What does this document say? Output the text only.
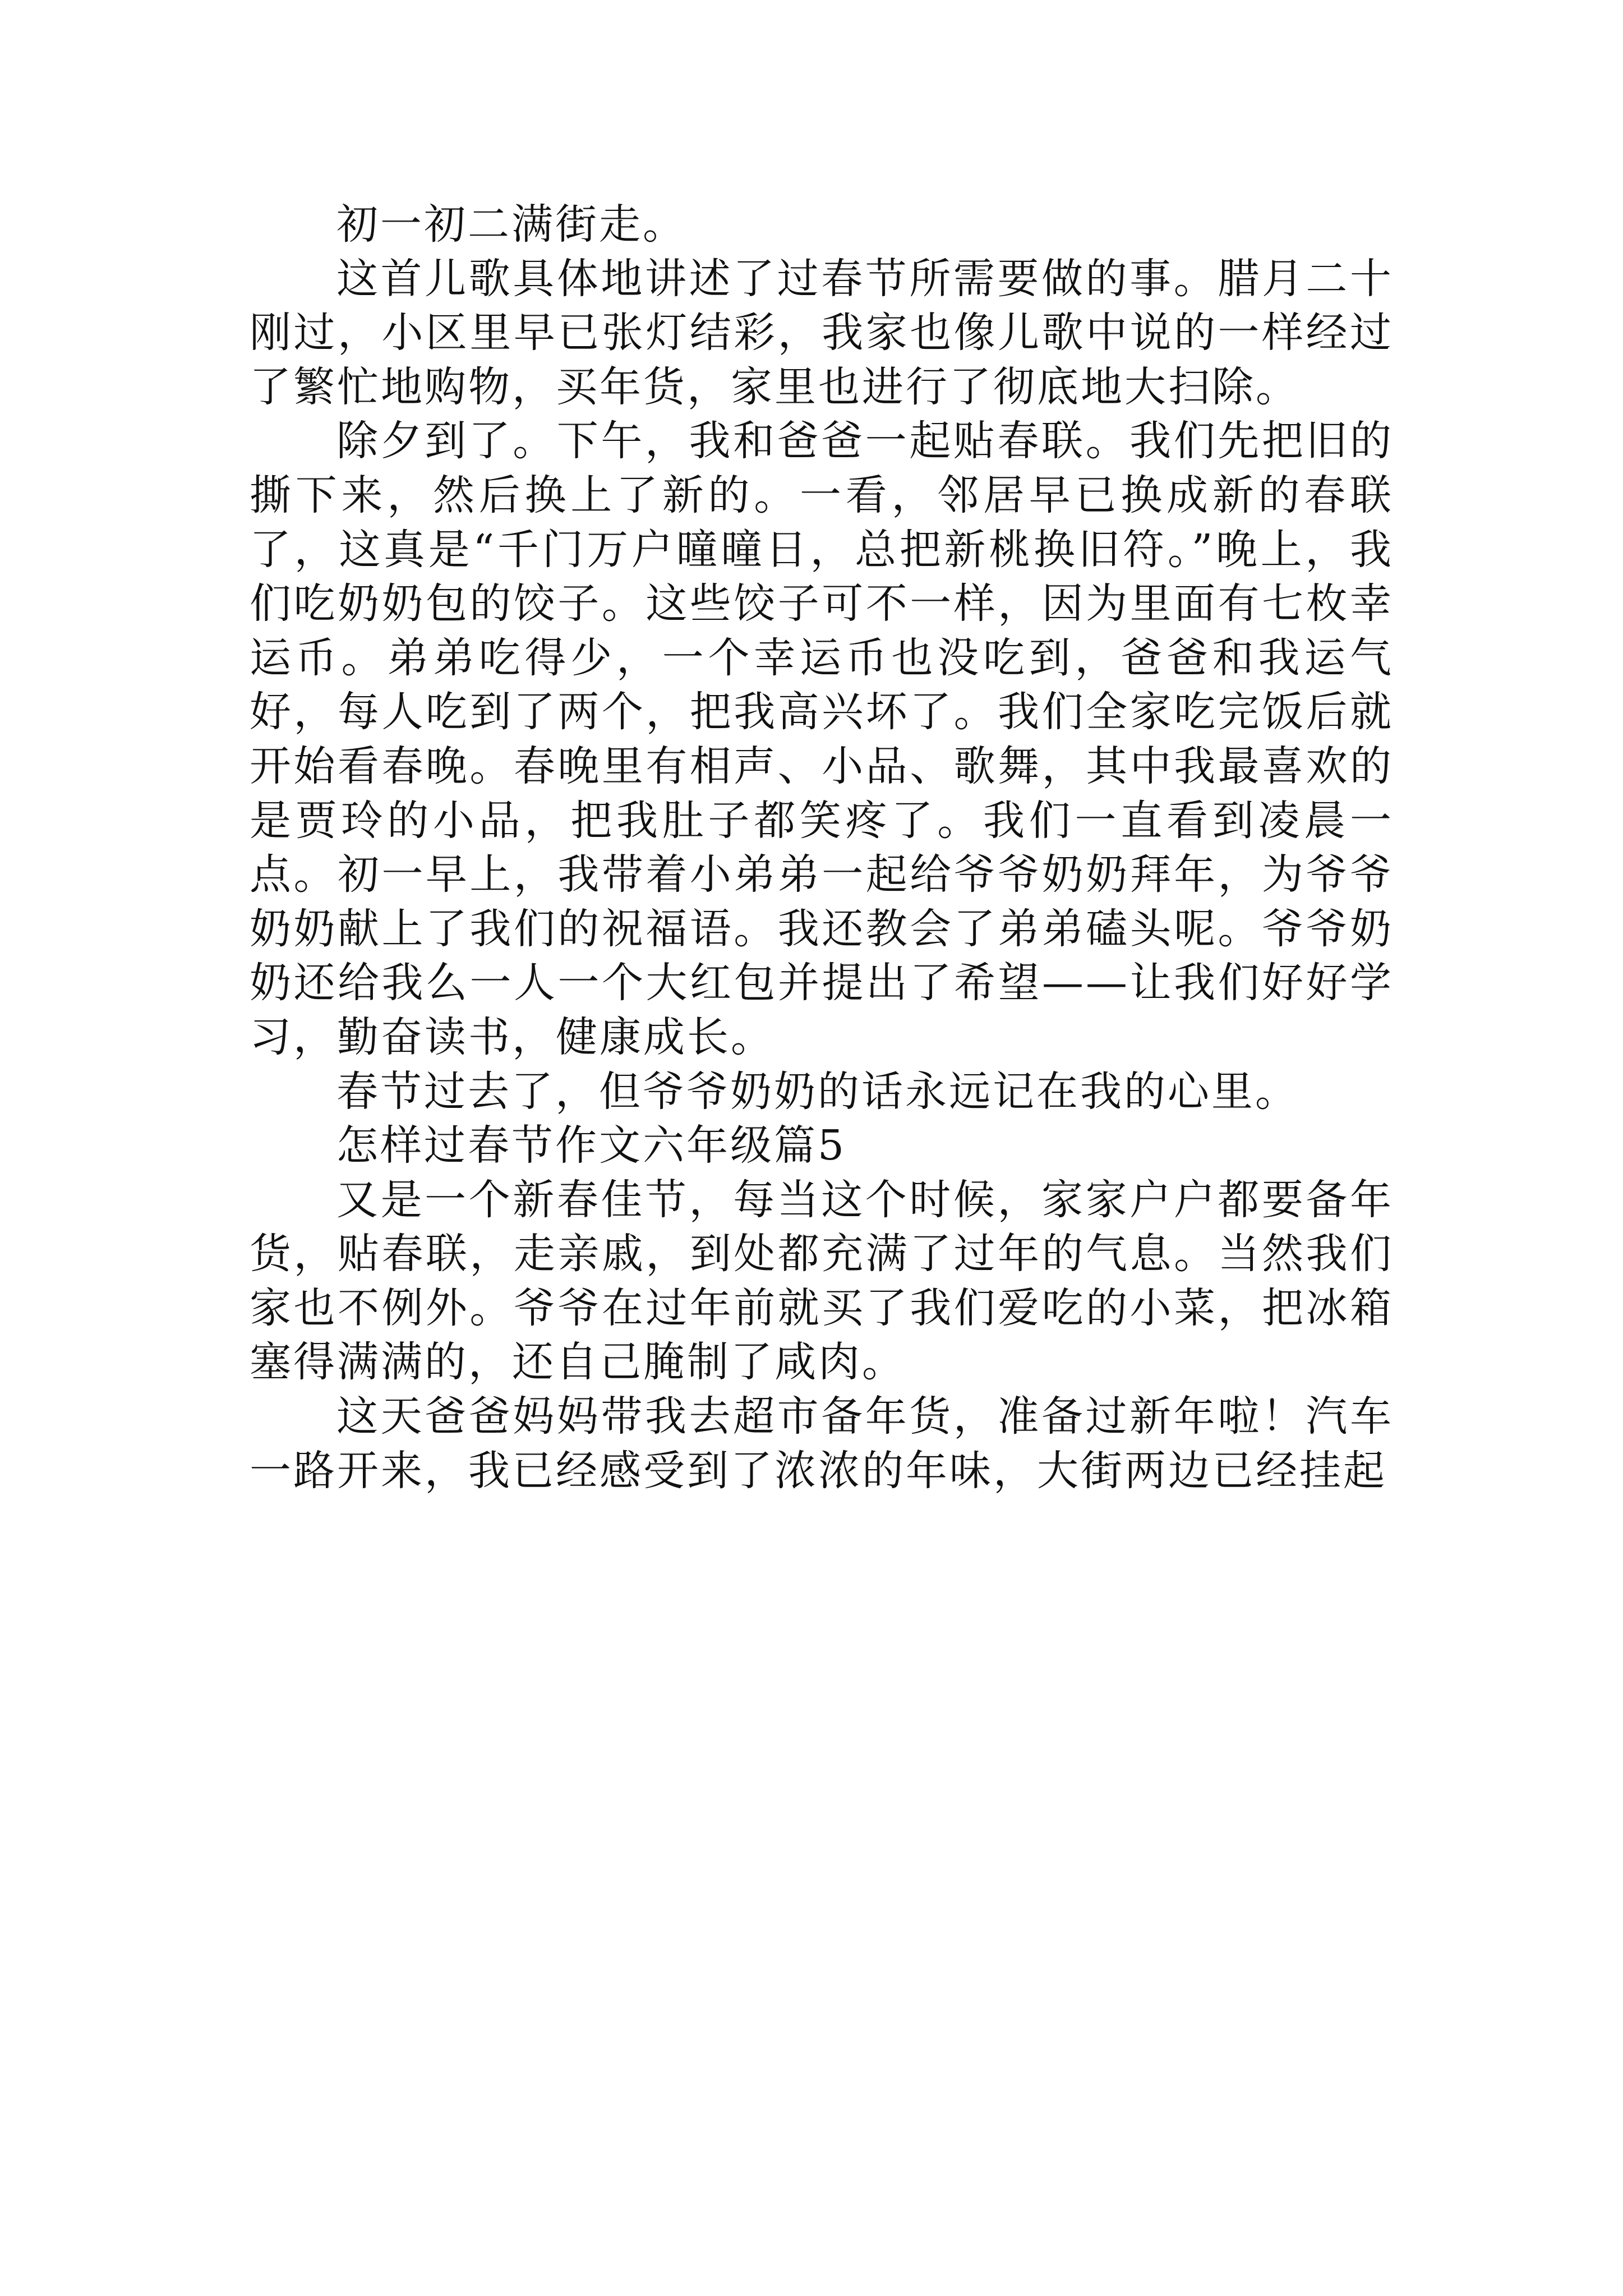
初一初二满街走。

这首儿歌具体地讲述了过春节所需要做的事。腊月二十刚过，小区里早已张灯结彩，我家也像儿歌中说的一样经过了繁忙地购物，买年货，家里也进行了彻底地大扫除。

除夕到了。下午，我和爸爸一起贴春联。我们先把旧的撕下来，然后换上了新的。一看，邻居早已换成新的春联了，这真是“千门万户曈曈日，总把新桃换旧符。”晚上，我们吃奶奶包的饺子。这些饺子可不一样，因为里面有七枚幸运币。弟弟吃得少，一个幸运币也没吃到，爸爸和我运气好，每人吃到了两个，把我高兴坏了。我们全家吃完饭后就开始看春晚。春晚里有相声、小品、歌舞，其中我最喜欢的是贾玲的小品，把我肚子都笑疼了。我们一直看到凌晨一点。初一早上，我带着小弟弟一起给爷爷奶奶拜年，为爷爷奶奶献上了我们的祝福语。我还教会了弟弟磕头呢。爷爷奶奶还给我么一人一个大红包并提出了希望——让我们好好学习，勤奋读书，健康成长。

春节过去了，但爷爷奶奶的话永远记在我的心里。

怎样过春节作文六年级篇5

又是一个新春佳节，每当这个时候，家家户户都要备年货，贴春联，走亲戚，到处都充满了过年的气息。当然我们家也不例外。爷爷在过年前就买了我们爱吃的小菜，把冰箱塞得满满的，还自己腌制了咸肉。

这天爸爸妈妈带我去超市备年货，准备过新年啦！汽车一路开来，我已经感受到了浓浓的年味，大街两边已经挂起
